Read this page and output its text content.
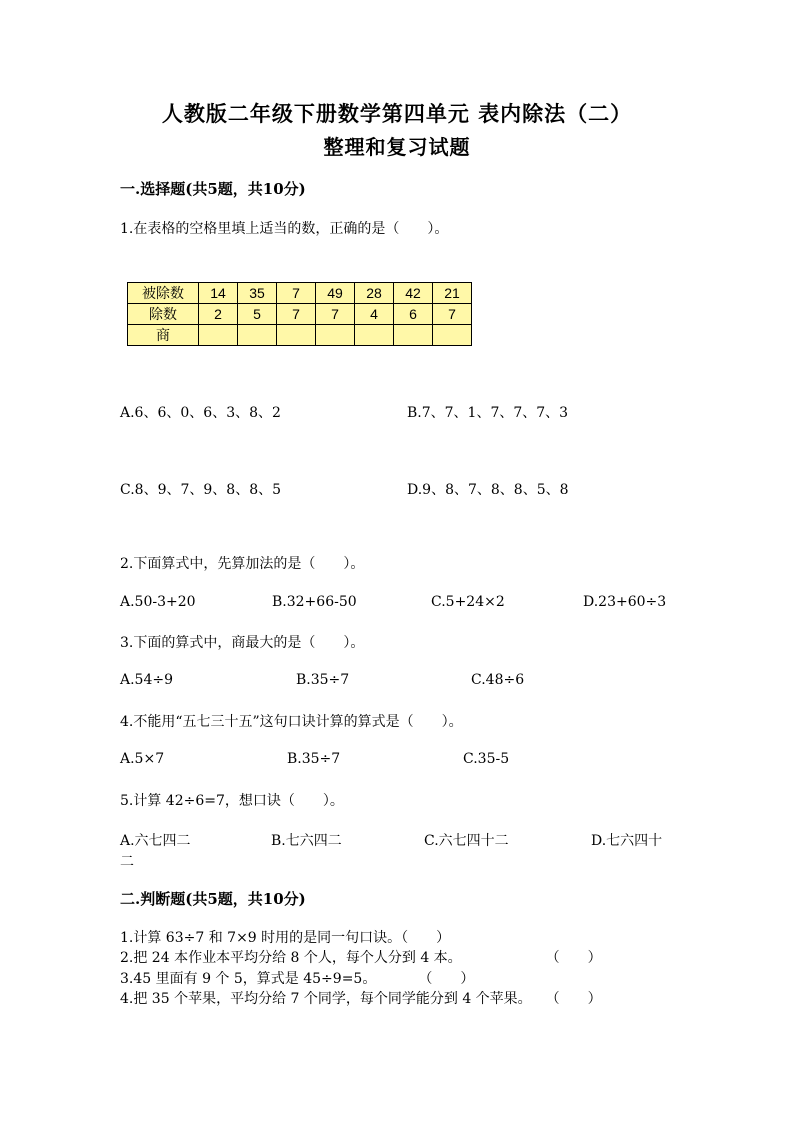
人教版二年级下册数学第四单元 表内除法（二）
整理和复习试题
一.选择题(共5题，共10分)
1.在表格的空格里填上适当的数，正确的是（　　）。
被除数	14	35	7	49	28	42	21
除数	2	5	7	7	4	6	7
商							
A.6、6、0、6、3、8、2	B.7、7、1、7、7、7、3
C.8、9、7、9、8、8、5	D.9、8、7、8、8、5、8
2.下面算式中，先算加法的是（　　）。
A.50-3+20	B.32+66-50	C.5+24×2	D.23+60÷3
3.下面的算式中，商最大的是（　　）。
A.54÷9	B.35÷7	C.48÷6
4.不能用“五七三十五”这句口诀计算的算式是（　　）。
A.5×7	B.35÷7	C.35-5
5.计算 42÷6=7，想口诀（　　）。
A.六七四二	B.七六四二	C.六七四十二	D.七六四十
二
二.判断题(共5题，共10分)
1.计算 63÷7 和 7×9 时用的是同一句口诀。（　　）
2.把 24 本作业本平均分给 8 个人，每个人分到 4 本。　　　　　　　（　　）
3.45 里面有 9 个 5，算式是 45÷9=5。　　　　（　　）
4.把 35 个苹果，平均分给 7 个同学，每个同学能分到 4 个苹果。　　（　　）
